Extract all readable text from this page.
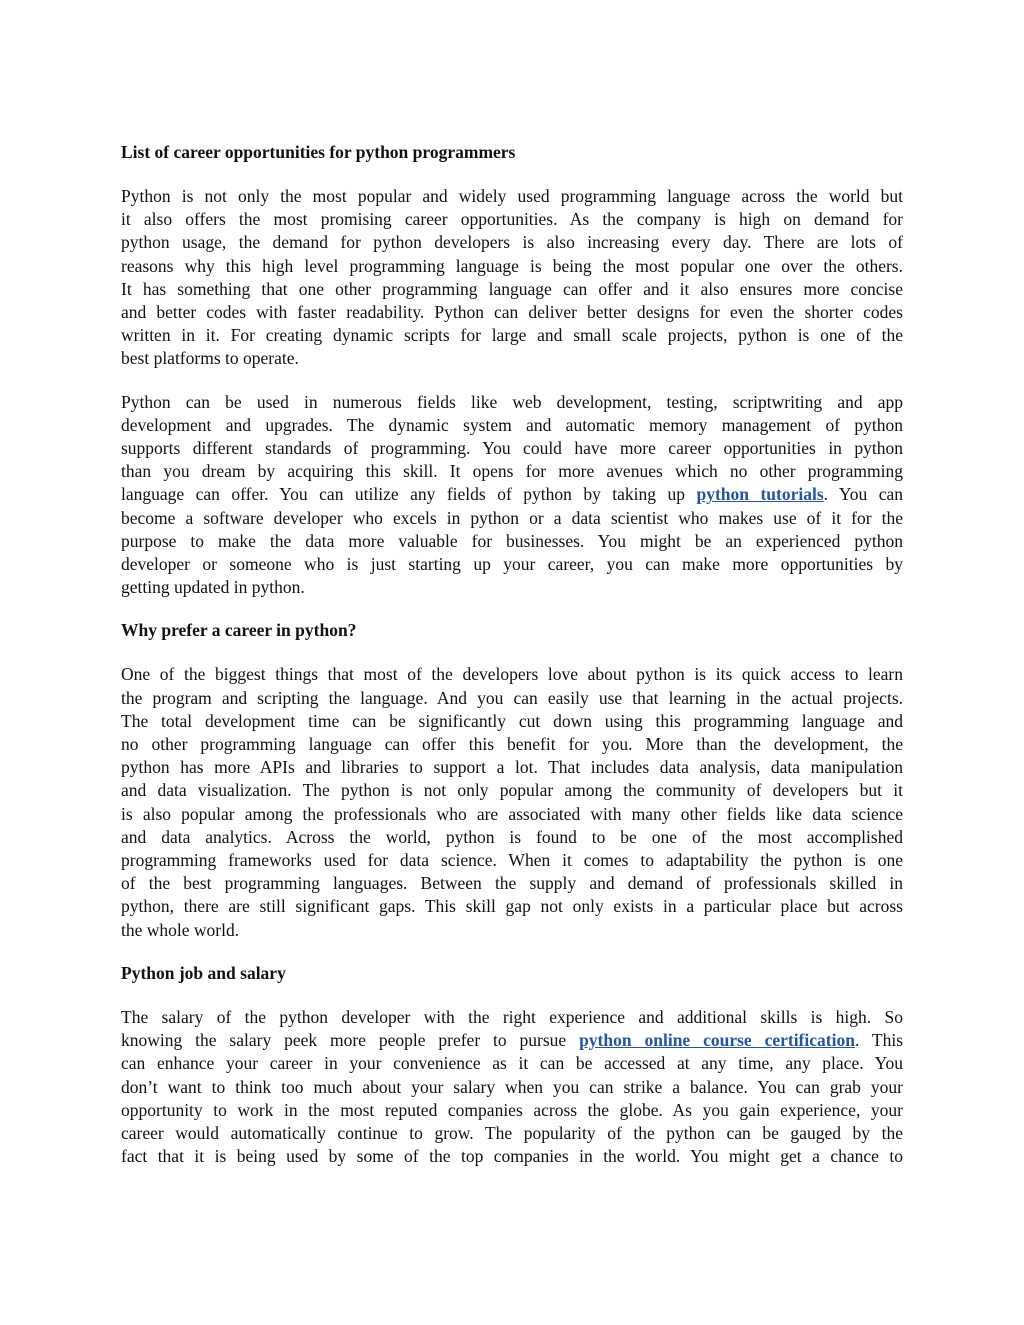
List of career opportunities for python programmers

Python is not only the most popular and widely used programming language across the world but
it also offers the most promising career opportunities. As the company is high on demand for
python usage, the demand for python developers is also increasing every day. There are lots of
reasons why this high level programming language is being the most popular one over the others.
It has something that one other programming language can offer and it also ensures more concise
and better codes with faster readability. Python can deliver better designs for even the shorter codes
written in it. For creating dynamic scripts for large and small scale projects, python is one of the
best platforms to operate.

Python can be used in numerous fields like web development, testing, scriptwriting and app
development and upgrades. The dynamic system and automatic memory management of python
supports different standards of programming. You could have more career opportunities in python
than you dream by acquiring this skill. It opens for more avenues which no other programming
language can offer. You can utilize any fields of python by taking up python tutorials. You can
become a software developer who excels in python or a data scientist who makes use of it for the
purpose to make the data more valuable for businesses. You might be an experienced python
developer or someone who is just starting up your career, you can make more opportunities by
getting updated in python.

Why prefer a career in python?

One of the biggest things that most of the developers love about python is its quick access to learn
the program and scripting the language. And you can easily use that learning in the actual projects.
The total development time can be significantly cut down using this programming language and
no other programming language can offer this benefit for you. More than the development, the
python has more APIs and libraries to support a lot. That includes data analysis, data manipulation
and data visualization. The python is not only popular among the community of developers but it
is also popular among the professionals who are associated with many other fields like data science
and data analytics. Across the world, python is found to be one of the most accomplished
programming frameworks used for data science. When it comes to adaptability the python is one
of the best programming languages. Between the supply and demand of professionals skilled in
python, there are still significant gaps. This skill gap not only exists in a particular place but across
the whole world.

Python job and salary

The salary of the python developer with the right experience and additional skills is high. So
knowing the salary peek more people prefer to pursue python online course certification. This
can enhance your career in your convenience as it can be accessed at any time, any place. You
don’t want to think too much about your salary when you can strike a balance. You can grab your
opportunity to work in the most reputed companies across the globe. As you gain experience, your
career would automatically continue to grow. The popularity of the python can be gauged by the
fact that it is being used by some of the top companies in the world. You might get a chance to
